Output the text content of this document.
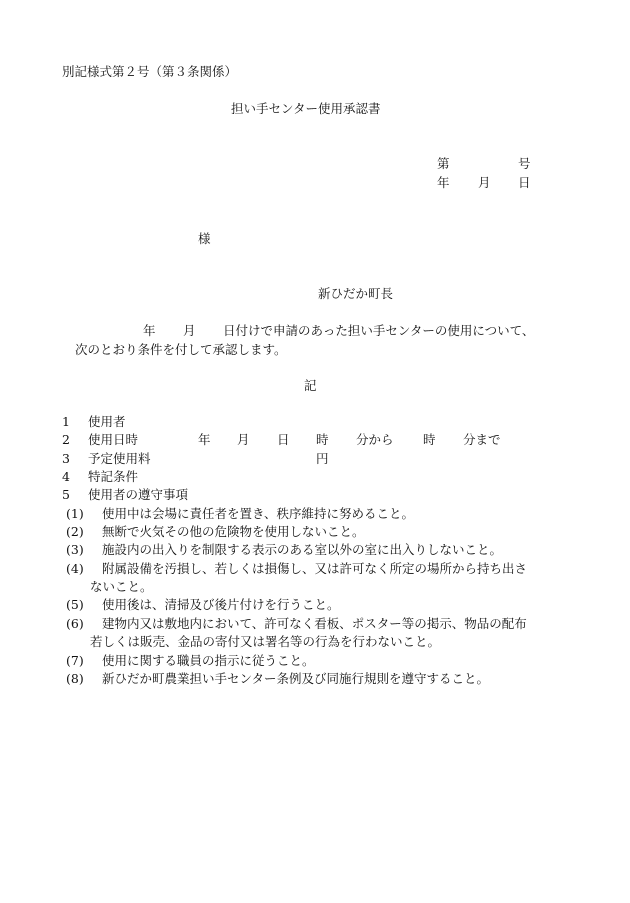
別記様式第２号（第３条関係）
担い手センター使用承認書
第	号
年 月 日
様
新ひだか町長
年 月 日付けで申請のあった担い手センターの使用について、
次のとおり条件を付して承認します。
記
1 使用者
2 使用日時	年 月 日 時 分から 時 分まで
3 予定使用料	円
4 特記条件
5 使用者の遵守事項
(1) 使用中は会場に責任者を置き、秩序維持に努めること。
(2) 無断で火気その他の危険物を使用しないこと。
(3) 施設内の出入りを制限する表示のある室以外の室に出入りしないこと。
(4) 附属設備を汚損し、若しくは損傷し、又は許可なく所定の場所から持ち出さ
ないこと。
(5) 使用後は、清掃及び後片付けを行うこと。
(6) 建物内又は敷地内において、許可なく看板、ポスター等の掲示、物品の配布
若しくは販売、金品の寄付又は署名等の行為を行わないこと。
(7) 使用に関する職員の指示に従うこと。
(8) 新ひだか町農業担い手センター条例及び同施行規則を遵守すること。
